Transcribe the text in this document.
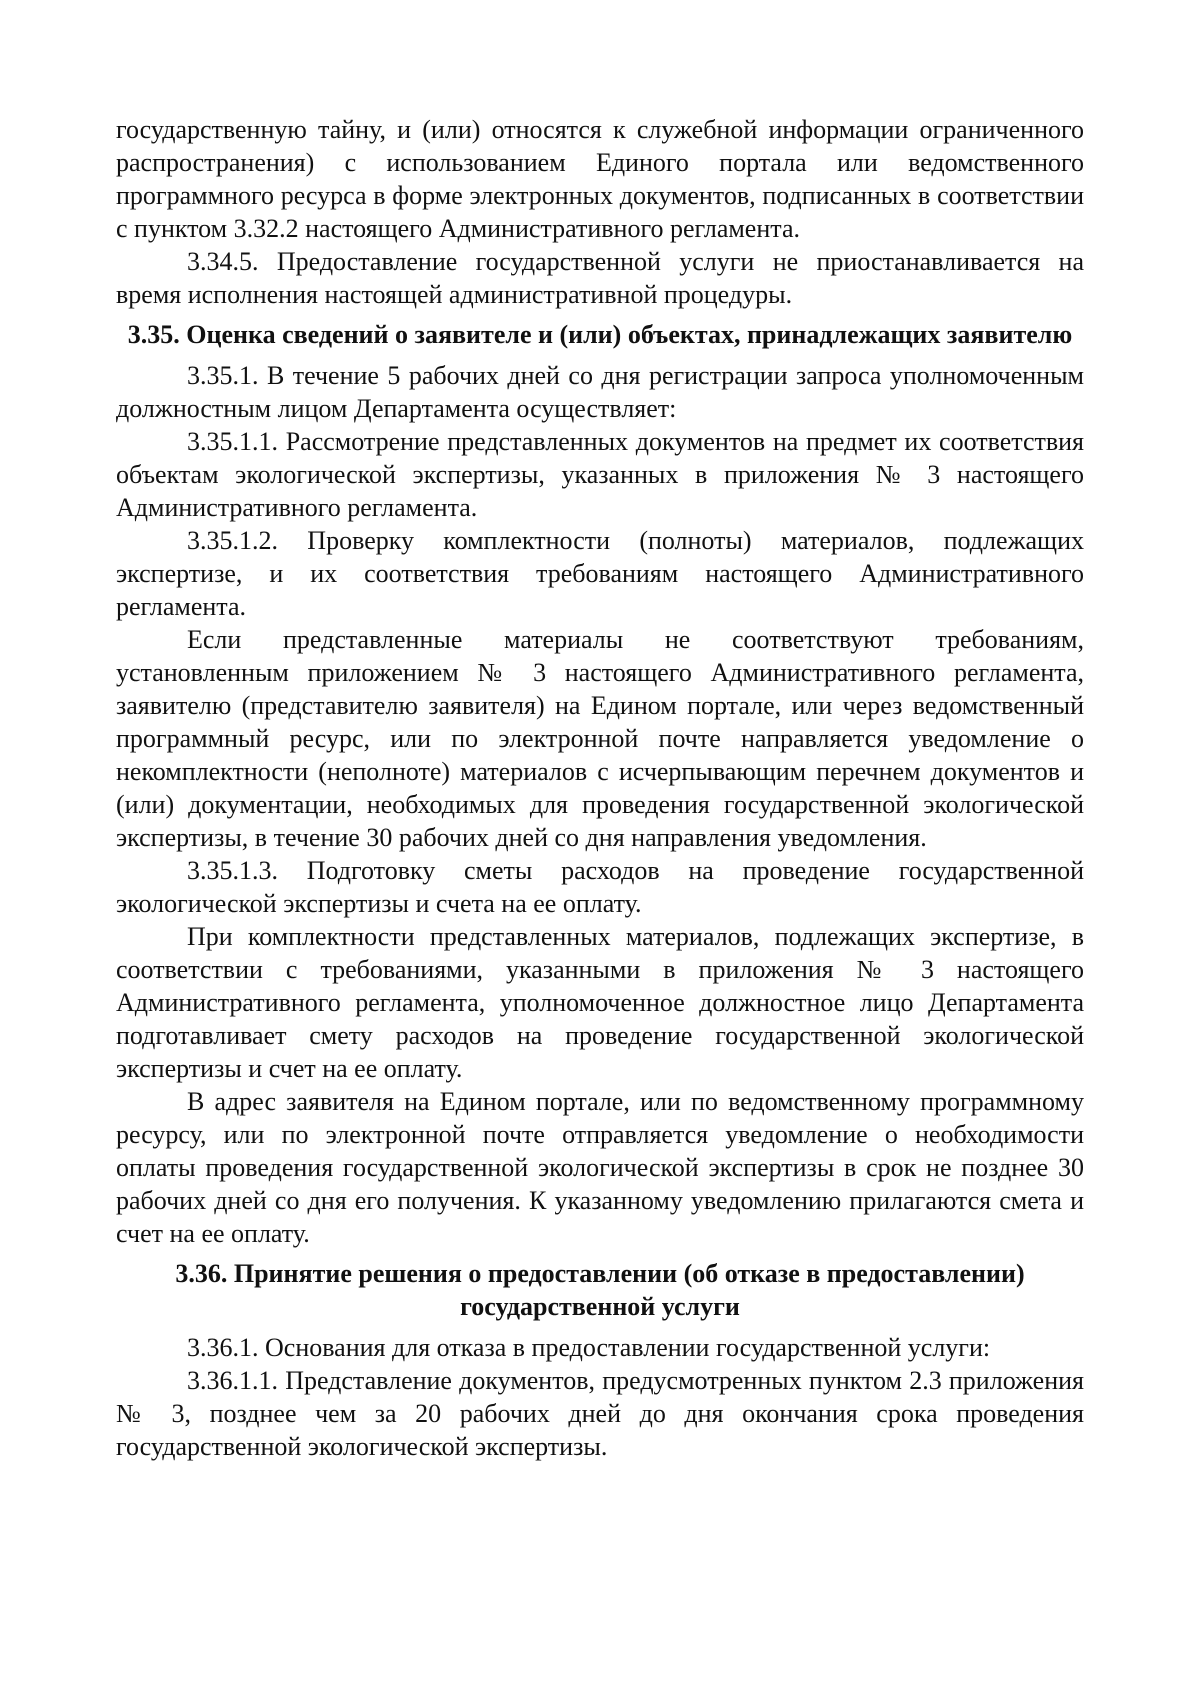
государственную тайну, и (или) относятся к служебной информации ограниченного распространения) с использованием Единого портала или ведомственного программного ресурса в форме электронных документов, подписанных в соответствии с пунктом 3.32.2 настоящего Административного регламента.

3.34.5. Предоставление государственной услуги не приостанавливается на время исполнения настоящей административной процедуры.

3.35. Оценка сведений о заявителе и (или) объектах, принадлежащих заявителю

3.35.1. В течение 5 рабочих дней со дня регистрации запроса уполномоченным должностным лицом Департамента осуществляет:

3.35.1.1. Рассмотрение представленных документов на предмет их соответствия объектам экологической экспертизы, указанных в приложения № 3 настоящего Административного регламента.

3.35.1.2. Проверку комплектности (полноты) материалов, подлежащих экспертизе, и их соответствия требованиям настоящего Административного регламента.

Если представленные материалы не соответствуют требованиям, установленным приложением № 3 настоящего Административного регламента, заявителю (представителю заявителя) на Едином портале, или через ведомственный программный ресурс, или по электронной почте направляется уведомление о некомплектности (неполноте) материалов с исчерпывающим перечнем документов и (или) документации, необходимых для проведения государственной экологической экспертизы, в течение 30 рабочих дней со дня направления уведомления.

3.35.1.3. Подготовку сметы расходов на проведение государственной экологической экспертизы и счета на ее оплату.

При комплектности представленных материалов, подлежащих экспертизе, в соответствии с требованиями, указанными в приложения № 3 настоящего Административного регламента, уполномоченное должностное лицо Департамента подготавливает смету расходов на проведение государственной экологической экспертизы и счет на ее оплату.

В адрес заявителя на Едином портале, или по ведомственному программному ресурсу, или по электронной почте отправляется уведомление о необходимости оплаты проведения государственной экологической экспертизы в срок не позднее 30 рабочих дней со дня его получения. К указанному уведомлению прилагаются смета и счет на ее оплату.

3.36. Принятие решения о предоставлении (об отказе в предоставлении) государственной услуги

3.36.1. Основания для отказа в предоставлении государственной услуги:

3.36.1.1. Представление документов, предусмотренных пунктом 2.3 приложения № 3, позднее чем за 20 рабочих дней до дня окончания срока проведения государственной экологической экспертизы.
